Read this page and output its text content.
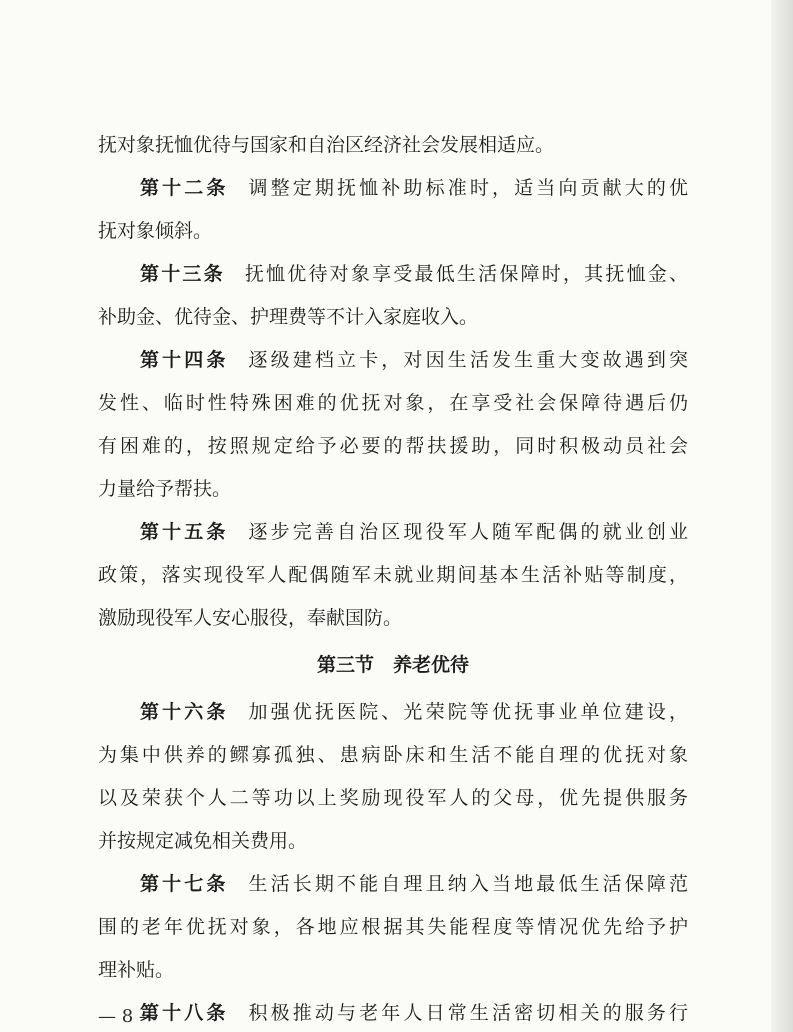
抚对象抚恤优待与国家和自治区经济社会发展相适应。
第十二条 调整定期抚恤补助标准时，适当向贡献大的优
抚对象倾斜。
第十三条 抚恤优待对象享受最低生活保障时，其抚恤金、
补助金、优待金、护理费等不计入家庭收入。
第十四条 逐级建档立卡，对因生活发生重大变故遇到突
发性、临时性特殊困难的优抚对象，在享受社会保障待遇后仍
有困难的，按照规定给予必要的帮扶援助，同时积极动员社会
力量给予帮扶。
第十五条 逐步完善自治区现役军人随军配偶的就业创业
政策，落实现役军人配偶随军未就业期间基本生活补贴等制度，
激励现役军人安心服役，奉献国防。
第三节　养老优待
第十六条 加强优抚医院、光荣院等优抚事业单位建设，
为集中供养的鳏寡孤独、患病卧床和生活不能自理的优抚对象
以及荣获个人二等功以上奖励现役军人的父母，优先提供服务
并按规定减免相关费用。
第十七条 生活长期不能自理且纳入当地最低生活保障范
围的老年优抚对象，各地应根据其失能程度等情况优先给予护
理补贴。
第十八条 积极推动与老年人日常生活密切相关的服务行
— 8 —
